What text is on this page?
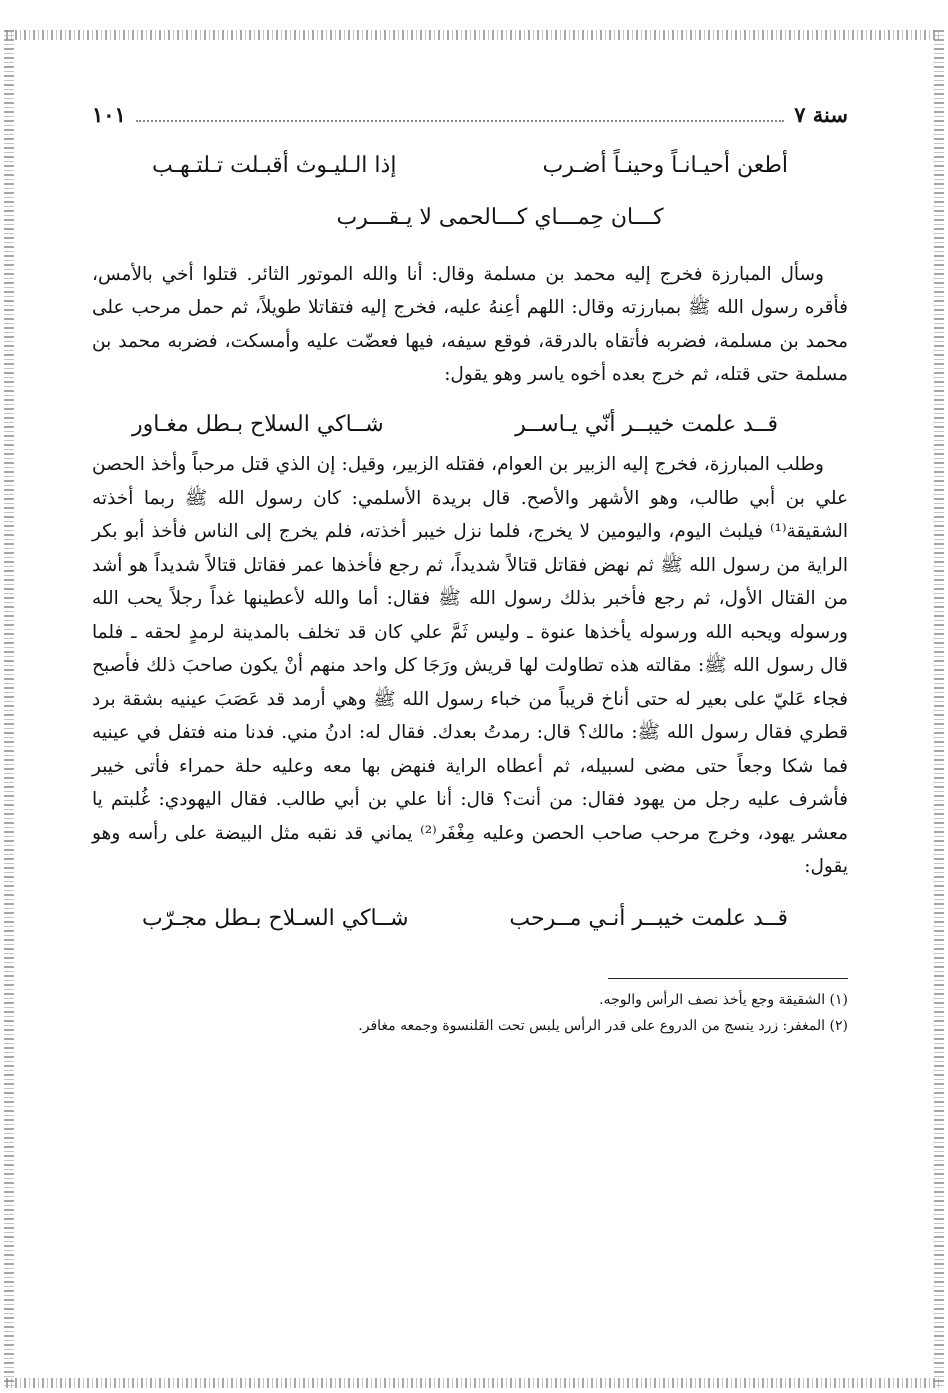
سنة ٧
١٠١
أطعن أحيـانـاً وحينـاً أضـرب
إذا الـليـوث أقبـلت تـلتـهـب
كـــان حِمـــاي كـــالحمى لا يـقـــرب

وسأل المبارزة فخرج إليه محمد بن مسلمة وقال: أنا والله الموتور الثائر. قتلوا أخي بالأمس، فأقره رسول الله ﷺ بمبارزته وقال: اللهم أعِنهُ عليه، فخرج إليه فتقاتلا طويلاً، ثم حمل مرحب على محمد بن مسلمة، فضربه فأتقاه بالدرقة، فوقع سيفه، فيها فعضّت عليه وأمسكت، فضربه محمد بن مسلمة حتى قتله، ثم خرج بعده أخوه ياسر وهو يقول:

قــد علمت خيبــر أنّي يـاســر
شــاكي السلاح بـطل مغـاور

وطلب المبارزة، فخرج إليه الزبير بن العوام، فقتله الزبير، وقيل: إن الذي قتل مرحباً وأخذ الحصن علي بن أبي طالب، وهو الأشهر والأصح. قال بريدة الأسلمي: كان رسول الله ﷺ ربما أخذته الشقيقة⁽¹⁾ فيلبث اليوم، واليومين لا يخرج، فلما نزل خيبر أخذته، فلم يخرج إلى الناس فأخذ أبو بكر الراية من رسول الله ﷺ ثم نهض فقاتل قتالاً شديداً، ثم رجع فأخذها عمر فقاتل قتالاً شديداً هو أشد من القتال الأول، ثم رجع فأخبر بذلك رسول الله ﷺ فقال: أما والله لأعطينها غداً رجلاً يحب الله ورسوله ويحبه الله ورسوله يأخذها عنوة ـ وليس ثَمَّ علي كان قد تخلف بالمدينة لرمدٍ لحقه ـ فلما قال رسول الله ﷺ: مقالته هذه تطاولت لها قريش ورَجَا كل واحد منهم أنْ يكون صاحبَ ذلك فأصبح فجاء عَليّ على بعير له حتى أناخ قريباً من خباء رسول الله ﷺ وهي أرمد قد عَصَبَ عينيه بشقة برد قطري فقال رسول الله ﷺ: مالك؟ قال: رمدتُ بعدك. فقال له: ادنُ مني. فدنا منه فتفل في عينيه فما شكا وجعاً حتى مضى لسبيله، ثم أعطاه الراية فنهض بها معه وعليه حلة حمراء فأتى خيبر فأشرف عليه رجل من يهود فقال: من أنت؟ قال: أنا علي بن أبي طالب. فقال اليهودي: غُلبتم يا معشر يهود، وخرج مرحب صاحب الحصن وعليه مِغْفَر⁽²⁾ يماني قد نقبه مثل البيضة على رأسه وهو يقول:

قــد علمت خيبــر أنـي مــرحب
شــاكي السـلاح بـطل مجـرّب
(١) الشقيقة وجع يأخذ نصف الرأس والوجه.
(٢) المغفر: زرد ينسج من الدروع على قدر الرأس يلبس تحت القلنسوة وجمعه مغافر.
